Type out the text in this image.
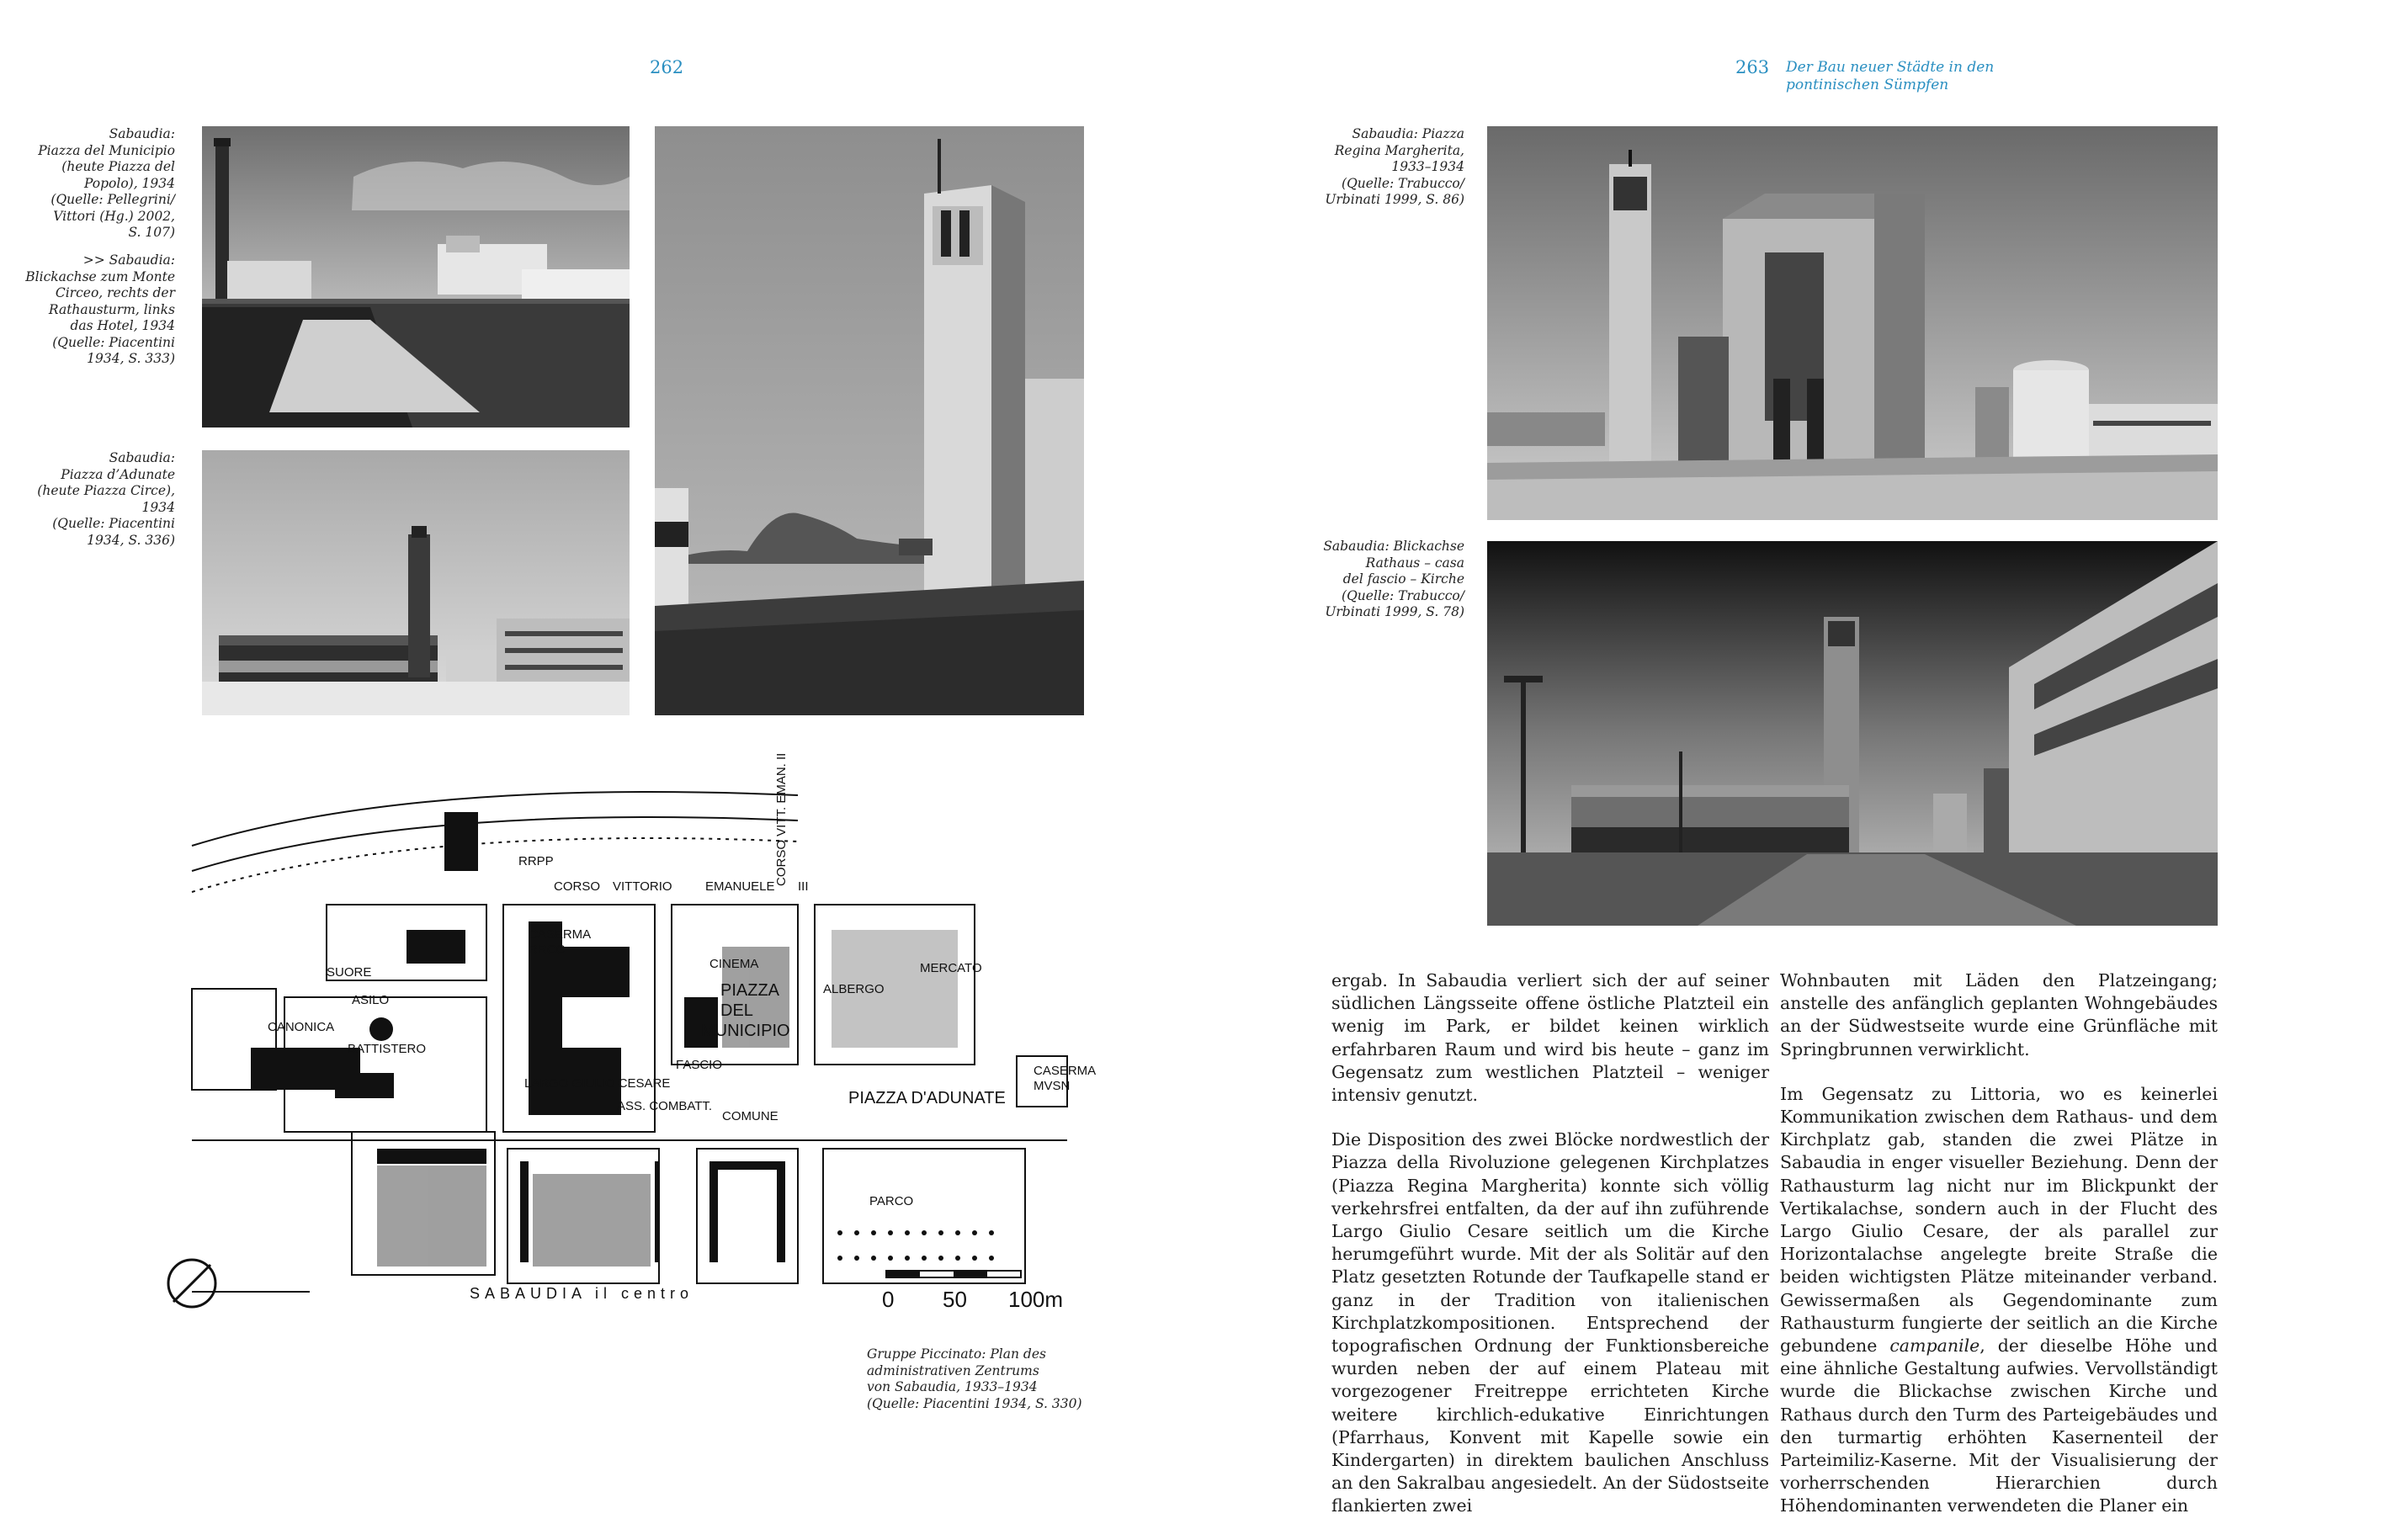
262
Sabaudia:
Piazza del Municipio
(heute Piazza del
Popolo), 1934
(Quelle: Pellegrini/
Vittori (Hg.) 2002,
S. 107)
>> Sabaudia:
Blickachse zum Monte
Circeo, rechts der
Rathausturm, links
das Hotel, 1934
(Quelle: Piacentini
1934, S. 333)
Sabaudia:
Piazza d’Adunate
(heute Piazza Circe),
1934
(Quelle: Piacentini
1934, S. 336)
RRPP
CORSO VITTORIO	EMANUELE III
CORSO VITT. EMAN. II
CASERMA
RRCC
CINEMA
PIAZZA
DEL
MUNICIPIO
ALBERGO
MERCATO
SUORE
ASILO
CANONICA
BATTISTERO
FASCIO
LARGO GIULIO CESARE
ASS. COMBATT.
COMUNE
PIAZZA D'ADUNATE
CASERMA
MVSN
PARCO
SABAUDIA il centro	0 50 100m
Gruppe Piccinato: Plan des
administrativen Zentrums
von Sabaudia, 1933–1934
(Quelle: Piacentini 1934, S. 330)
263 Der Bau neuer Städte in den
pontinischen Sümpfen
Sabaudia: Piazza
Regina Margherita,
1933–1934
(Quelle: Trabucco/
Urbinati 1999, S. 86)
Sabaudia: Blickachse
Rathaus – casa
del fascio – Kirche
(Quelle: Trabucco/
Urbinati 1999, S. 78)

ergab. In Sabaudia verliert sich der auf seiner südlichen Längsseite offene östliche Platzteil ein wenig im Park, er bildet keinen wirklich erfahrbaren Raum und wird bis heute – ganz im Gegensatz zum westlichen Platzteil – weniger intensiv genutzt.

Die Disposition des zwei Blöcke nordwestlich der Piazza della Rivoluzione gelegenen Kirchplatzes (Piazza Regina Margherita) konnte sich völlig verkehrsfrei entfalten, da der auf ihn zuführende Largo Giulio Cesare seitlich um die Kirche herumgeführt wurde. Mit der als Solitär auf den Platz gesetzten Rotunde der Taufkapelle stand er ganz in der Tradition von italienischen Kirchplatzkompositionen. Entsprechend der topografischen Ordnung der Funktionsbereiche wurden neben der auf einem Plateau mit vorgezogener Freitreppe errichteten Kirche weitere kirchlich-edukative Einrichtungen (Pfarrhaus, Konvent mit Kapelle sowie ein Kindergarten) in direktem baulichen Anschluss an den Sakralbau angesiedelt. An der Südostseite flankierten zwei

Wohnbauten mit Läden den Platzeingang; anstelle des anfänglich geplanten Wohngebäudes an der Südwestseite wurde eine Grünfläche mit Springbrunnen verwirklicht.

Im Gegensatz zu Littoria, wo es keinerlei Kommunikation zwischen dem Rathaus- und dem Kirchplatz gab, standen die zwei Plätze in Sabaudia in enger visueller Beziehung. Denn der Rathausturm lag nicht nur im Blickpunkt der Vertikalachse, sondern auch in der Flucht des Largo Giulio Cesare, der als parallel zur Horizontalachse angelegte breite Straße die beiden wichtigsten Plätze miteinander verband. Gewissermaßen als Gegendominante zum Rathausturm fungierte der seitlich an die Kirche gebundene campanile, der dieselbe Höhe und eine ähnliche Gestaltung aufwies. Vervollständigt wurde die Blickachse zwischen Kirche und Rathaus durch den Turm des Parteigebäudes und den turmartig erhöhten Kasernenteil der Parteimiliz-Kaserne. Mit der Visualisierung der vorherrschenden Hierarchien durch Höhendominanten verwendeten die Planer ein
